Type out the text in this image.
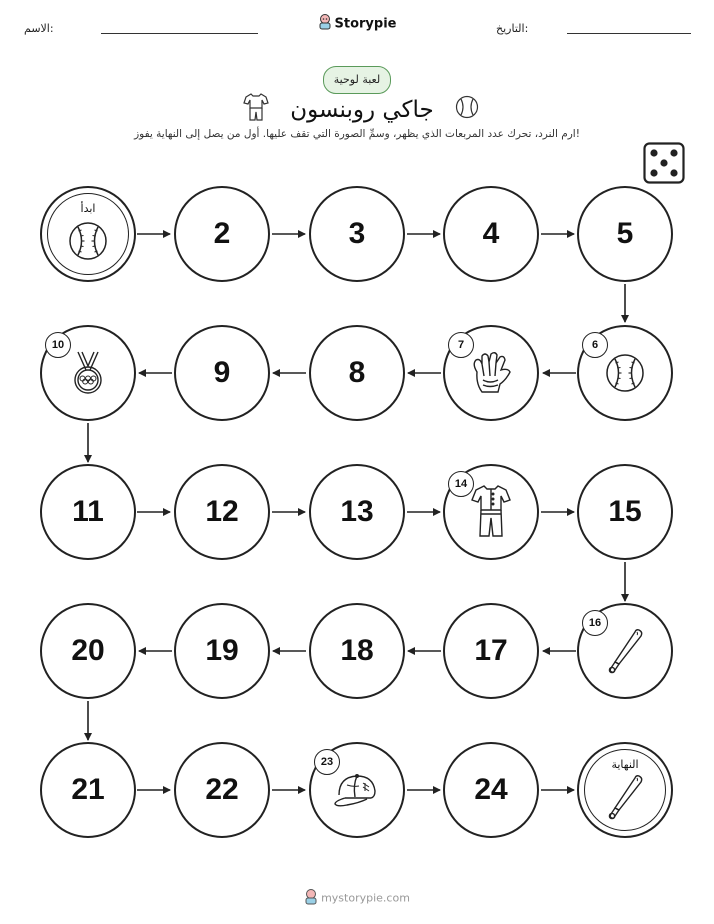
الاسم:	التاريخ:
Storypie
لعبة لوحية
جاكي روبنسون
ارم النرد، تحرك عدد المربعات الذي يظهر، وسمِّ الصورة التي تقف عليها. أول من يصل إلى النهاية يفوز!
ابدأ
2	3	4	5
6
7
8
9
10
11	12	13
14
15
16
17
18
19
20
21	22
23
24
النهاية
mystorypie.com
